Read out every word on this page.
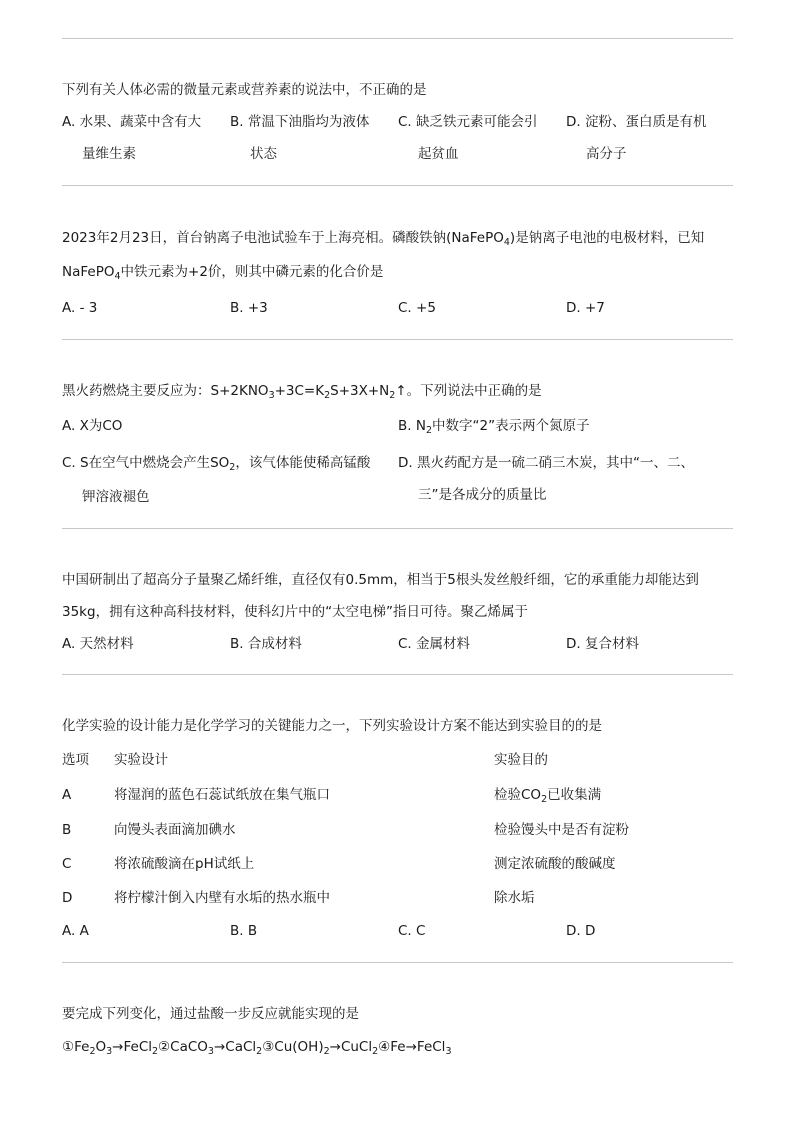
下列有关人体必需的微量元素或营养素的说法中，不正确的是
A. 水果、蔬菜中含有大
量维生素
B. 常温下油脂均为液体
状态
C. 缺乏铁元素可能会引
起贫血
D. 淀粉、蛋白质是有机
高分子
2023年2月23日，首台钠离子电池试验车于上海亮相。磷酸铁钠(NaFePO$_4$)是钠离子电池的电极材料，已知
NaFePO$_4$中铁元素为+2价，则其中磷元素的化合价是
A. - 3	B. +3	C. +5	D. +7
黑火药燃烧主要反应为：$S+2KNO_3+3C=K_2S+3X+N_2↑$。下列说法中正确的是
A. X为CO	B. $N_2$中数字“2”表示两个氮原子
C. S在空气中燃烧会产生$SO_2$，该气体能使稀高锰酸
钾溶液褪色
D. 黑火药配方是一硫二硝三木炭，其中“一、二、
三”是各成分的质量比
中国研制出了超高分子量聚乙烯纤维，直径仅有0.5mm，相当于5根头发丝般纤细，它的承重能力却能达到
35kg，拥有这种高科技材料，使科幻片中的“太空电梯”指日可待。聚乙烯属于
A. 天然材料	B. 合成材料	C. 金属材料	D. 复合材料
化学实验的设计能力是化学学习的关键能力之一，下列实验设计方案不能达到实验目的的是
选项 实验设计	实验目的
A	将湿润的蓝色石蕊试纸放在集气瓶口	检验$CO_2$已收集满
B	向馒头表面滴加碘水	检验馒头中是否有淀粉
C	将浓硫酸滴在pH试纸上	测定浓硫酸的酸碱度
D	将柠檬汁倒入内壁有水垢的热水瓶中	除水垢
A. A	B. B	C. C	D. D
要完成下列变化，通过盐酸一步反应就能实现的是
$①Fe_2O_3\to FeCl_2②CaCO_3\to CaCl_2③Cu(OH)_2\to CuCl_2④Fe\to FeCl_3$
